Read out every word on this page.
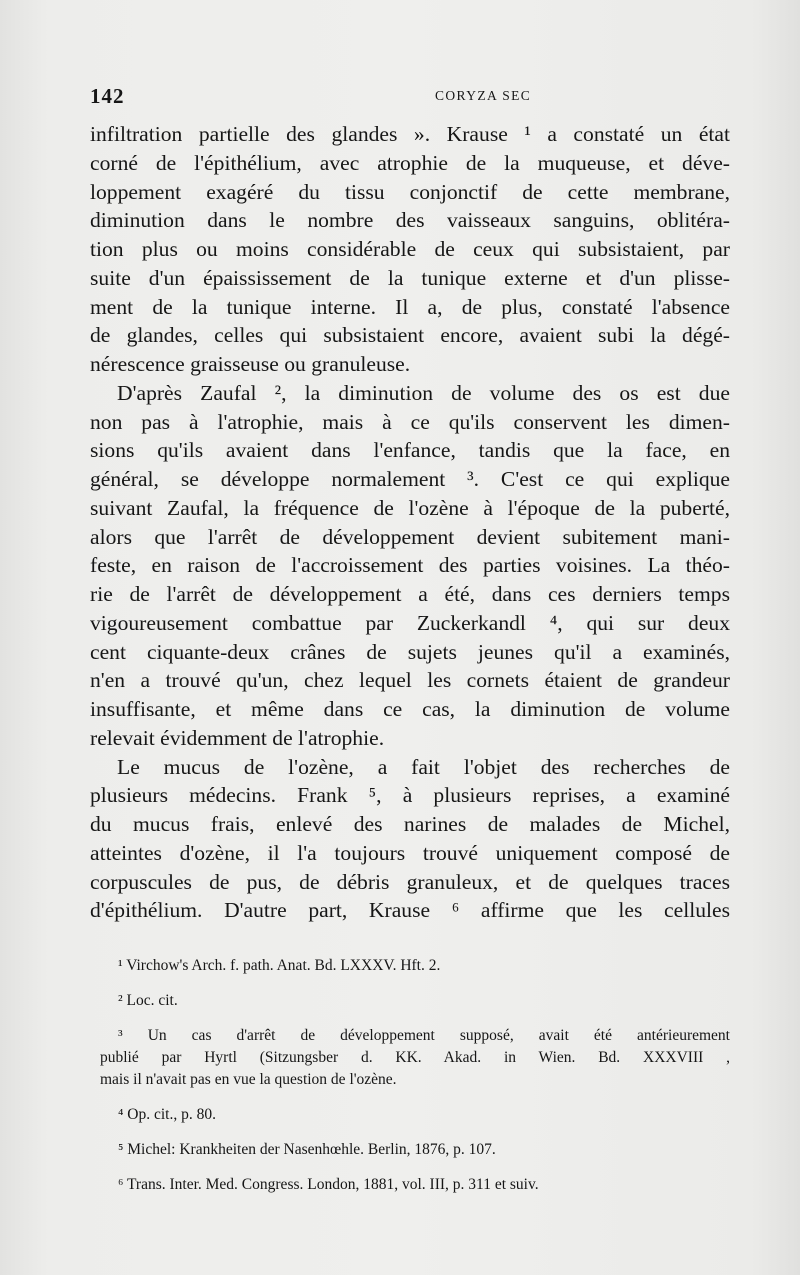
142	CORYZA SEC
infiltration partielle des glandes ». Krause ¹ a constaté un état
corné de l'épithélium, avec atrophie de la muqueuse, et déve-
loppement exagéré du tissu conjonctif de cette membrane,
diminution dans le nombre des vaisseaux sanguins, oblitéra-
tion plus ou moins considérable de ceux qui subsistaient, par
suite d'un épaississement de la tunique externe et d'un plisse-
ment de la tunique interne. Il a, de plus, constaté l'absence
de glandes, celles qui subsistaient encore, avaient subi la dégé-
nérescence graisseuse ou granuleuse.
D'après Zaufal ², la diminution de volume des os est due
non pas à l'atrophie, mais à ce qu'ils conservent les dimen-
sions qu'ils avaient dans l'enfance, tandis que la face, en
général, se développe normalement ³. C'est ce qui explique
suivant Zaufal, la fréquence de l'ozène à l'époque de la puberté,
alors que l'arrêt de développement devient subitement mani-
feste, en raison de l'accroissement des parties voisines. La théo-
rie de l'arrêt de développement a été, dans ces derniers temps
vigoureusement combattue par Zuckerkandl ⁴, qui sur deux
cent ciquante-deux crânes de sujets jeunes qu'il a examinés,
n'en a trouvé qu'un, chez lequel les cornets étaient de grandeur
insuffisante, et même dans ce cas, la diminution de volume
relevait évidemment de l'atrophie.
Le mucus de l'ozène, a fait l'objet des recherches de
plusieurs médecins. Frank ⁵, à plusieurs reprises, a examiné
du mucus frais, enlevé des narines de malades de Michel,
atteintes d'ozène, il l'a toujours trouvé uniquement composé de
corpuscules de pus, de débris granuleux, et de quelques traces
d'épithélium. D'autre part, Krause ⁶ affirme que les cellules
¹ Virchow's Arch. f. path. Anat. Bd. LXXXV. Hft. 2.
² Loc. cit.
³ Un cas d'arrêt de développement supposé, avait été antérieurement
publié par Hyrtl (Sitzungsber d. KK. Akad. in Wien. Bd. XXXVIII ,
mais il n'avait pas en vue la question de l'ozène.
⁴ Op. cit., p. 80.
⁵ Michel: Krankheiten der Nasenhœhle. Berlin, 1876, p. 107.
⁶ Trans. Inter. Med. Congress. London, 1881, vol. III, p. 311 et suiv.
